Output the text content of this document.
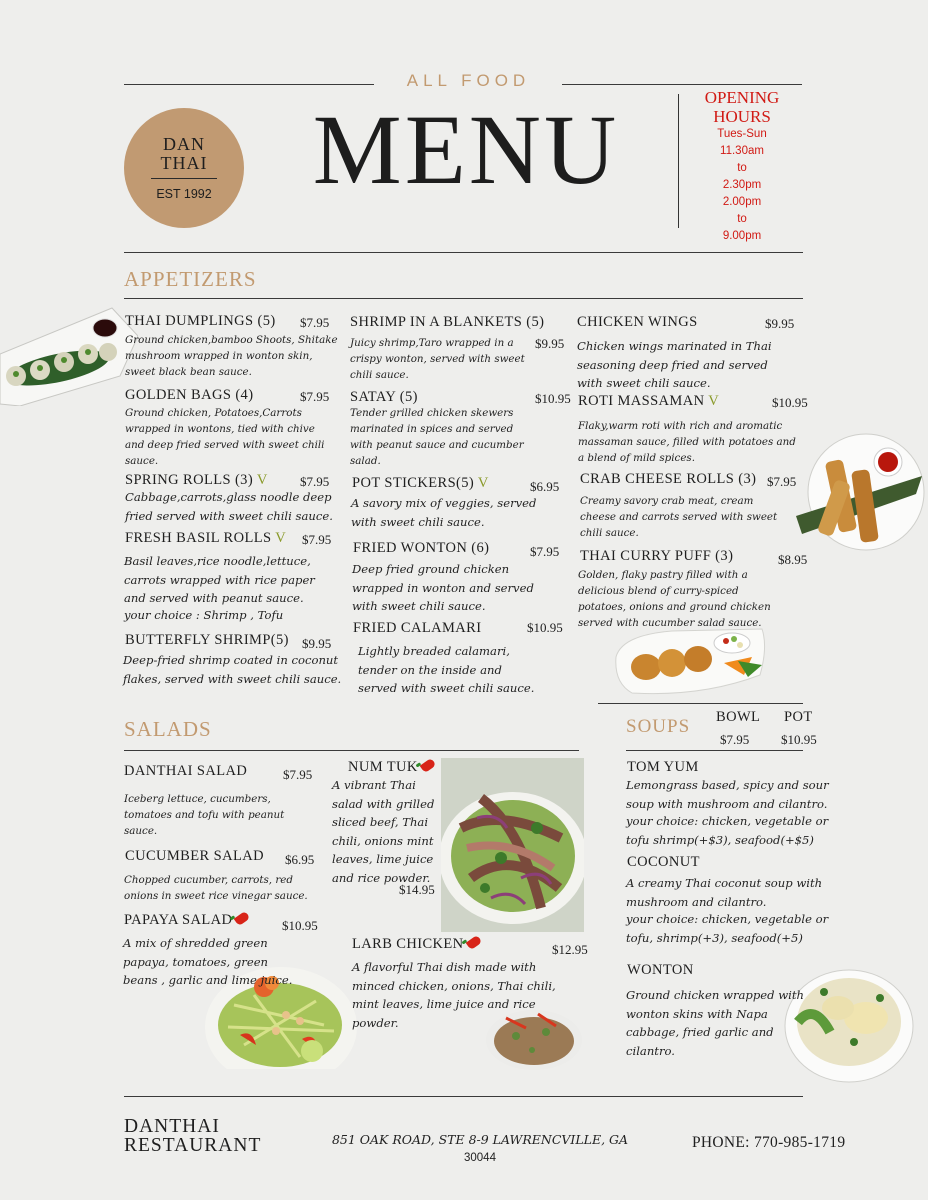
ALL FOOD
DAN
THAI
EST 1992	MENU	OPENING
HOURS
Tues-Sun
11.30am
to
2.30pm
2.00pm
to
9.00pm
APPETIZERS
THAI DUMPLINGS (5) $7.95
Ground chicken,bamboo Shoots, Shitake mushroom wrapped in wonton skin, sweet black bean sauce.
GOLDEN BAGS (4)	$7.95
Ground chicken, Potatoes,Carrots wrapped in wontons, tied with chive and deep fried served with sweet chili sauce.
SPRING ROLLS (3) V $7.95
Cabbage,carrots,glass noodle deep fried served with sweet chili sauce.
FRESH BASIL ROLLS V $7.95
Basil leaves,rice noodle,lettuce, carrots wrapped with rice paper and served with peanut sauce.
your choice : Shrimp , Tofu
BUTTERFLY SHRIMP(5) $9.95
Deep-fried shrimp coated in coconut flakes, served with sweet chili sauce.
SHRIMP IN A BLANKETS (5)
$9.95
Juicy shrimp,Taro wrapped in a crispy wonton, served with sweet chili sauce.
SATAY (5)	$10.95
Tender grilled chicken skewers marinated in spices and served with peanut sauce and cucumber salad.
POT STICKERS(5) V	$6.95
A savory mix of veggies, served with sweet chili sauce.
FRIED WONTON (6)	$7.95
Deep fried ground chicken wrapped in wonton and served with sweet chili sauce.
FRIED CALAMARI	$10.95
Lightly breaded calamari, tender on the inside and served with sweet chili sauce.
CHICKEN WINGS	$9.95
Chicken wings marinated in Thai seasoning deep fried and served with sweet chili sauce.
ROTI MASSAMAN V	$10.95
Flaky,warm roti with rich and aromatic massaman sauce, filled with potatoes and a blend of mild spices.
CRAB CHEESE ROLLS (3) $7.95
Creamy savory crab meat, cream cheese and carrots served with sweet chili sauce.
THAI CURRY PUFF (3)	$8.95
Golden, flaky pastry filled with a delicious blend of curry-spiced potatoes, onions and ground chicken served with cucumber salad sauce.
SALADS
DANTHAI SALAD	$7.95
Iceberg lettuce, cucumbers, tomatoes and tofu with peanut sauce.
CUCUMBER SALAD $6.95
Chopped cucumber, carrots, red onions in sweet rice vinegar sauce.
PAPAYA SALAD	$10.95
A mix of shredded green papaya, tomatoes, green beans , garlic and lime juice.
NUM TUK
A vibrant Thai salad with grilled sliced beef, Thai chili, onions mint leaves, lime juice and rice powder.
$14.95
LARB CHICKEN	$12.95
A flavorful Thai dish made with minced chicken, onions, Thai chili, mint leaves, lime juice and rice powder.
SOUPS BOWL POT
$7.95 $10.95
TOM YUM
Lemongrass based, spicy and sour soup with mushroom and cilantro.
your choice: chicken, vegetable or tofu shrimp(+$3), seafood(+$5)
COCONUT
A creamy Thai coconut soup with mushroom and cilantro.
your choice: chicken, vegetable or tofu, shrimp(+3), seafood(+5)
WONTON
Ground chicken wrapped with wonton skins with Napa cabbage, fried garlic and cilantro.
DANTHAI
RESTAURANT	851 OAK ROAD, STE 8-9 LAWRENCVILLE, GA
30044
PHONE: 770-985-1719
